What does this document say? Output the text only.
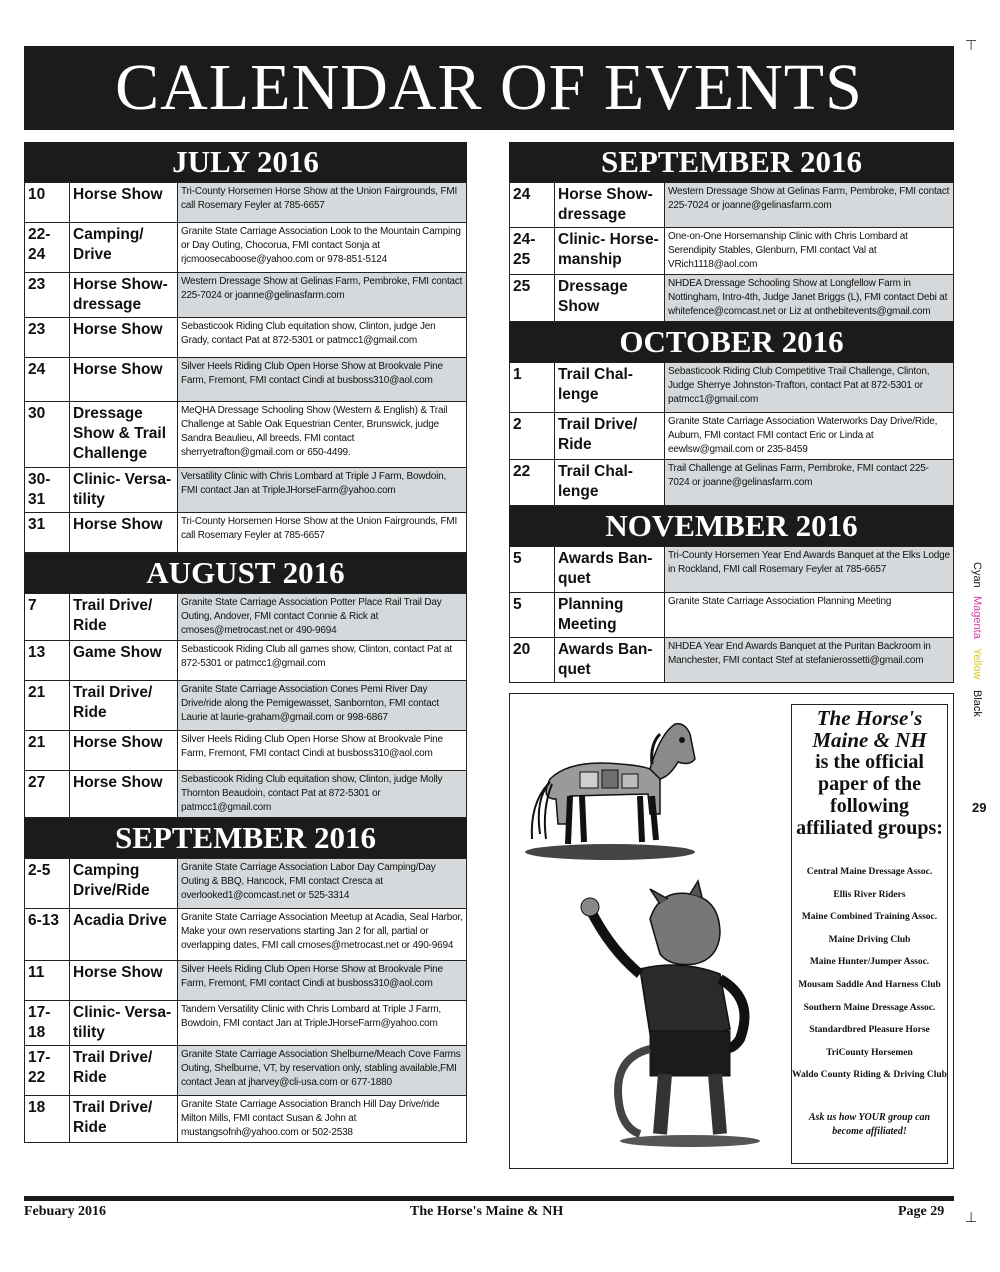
CALENDAR OF EVENTS
JULY 2016
10	Horse Show	Tri-County Horsemen Horse Show at the Union Fairgrounds, FMI call Rosemary Feyler at 785-6657
22-24	Camping/ Drive	Granite State Carriage Association Look to the Mountain Camping or Day Outing, Chocorua, FMI contact Sonja at rjcmoosecaboose@yahoo.com or 978-851-5124
23	Horse Show-dressage	Western Dressage Show at Gelinas Farm, Pembroke, FMI contact 225-7024 or joanne@gelinasfarm.com
23	Horse Show	Sebasticook Riding Club equitation show, Clinton, judge Jen Grady, contact Pat at 872-5301 or patmcc1@gmail.com
24	Horse Show	Silver Heels Riding Club Open Horse Show at Brookvale Pine Farm, Fremont, FMI contact Cindi at busboss310@aol.com
30	Dressage Show & Trail Challenge	MeQHA Dressage Schooling Show (Western & English) & Trail Challenge at Sable Oak Equestrian Center, Brunswick, judge Sandra Beaulieu, All breeds. FMI contact sherryetrafton@gmail.com or 650-4499.
30-31	Clinic- Versa-tility	Versatility Clinic with Chris Lombard at Triple J Farm, Bowdoin, FMI contact Jan at TripleJHorseFarm@yahoo.com
31	Horse Show	Tri-County Horsemen Horse Show at the Union Fairgrounds, FMI call Rosemary Feyler at 785-6657
AUGUST 2016
7	Trail Drive/ Ride	Granite State Carriage Association Potter Place Rail Trail Day Outing, Andover, FMI contact Connie & Rick at cmoses@metrocast.net or 490-9694
13	Game Show	Sebasticook Riding Club all games show, Clinton, contact Pat at 872-5301 or patmcc1@gmail.com
21	Trail Drive/ Ride	Granite State Carriage Association Cones Pemi River Day Drive/ride along the Pemigewasset, Sanbornton, FMI contact Laurie at laurie-graham@gmail.com or 998-6867
21	Horse Show	Silver Heels Riding Club Open Horse Show at Brookvale Pine Farm, Fremont, FMI contact Cindi at busboss310@aol.com
27	Horse Show	Sebasticook Riding Club equitation show, Clinton, judge Molly Thornton Beaudoin, contact Pat at 872-5301 or patmcc1@gmail.com
SEPTEMBER 2016
2-5	Camping Drive/Ride	Granite State Carriage Association Labor Day Camping/Day Outing & BBQ, Hancock, FMI contact Cresca at overlooked1@comcast.net or 525-3314
6-13	Acadia Drive	Granite State Carriage Association Meetup at Acadia, Seal Harbor, Make your own reservations starting Jan 2 for all, partial or overlapping dates, FMI call cmoses@metrocast.net or 490-9694
11	Horse Show	Silver Heels Riding Club Open Horse Show at Brookvale Pine Farm, Fremont, FMI contact Cindi at busboss310@aol.com
17-18	Clinic- Versa-tility	Tandem Versatility Clinic with Chris Lombard at Triple J Farm, Bowdoin, FMI contact Jan at TripleJHorseFarm@yahoo.com
17-22	Trail Drive/ Ride	Granite State Carriage Association Shelburne/Meach Cove Farms Outing, Shelburne, VT, by reservation only, stabling available,FMI contact Jean at jharvey@cli-usa.com or 677-1880
18	Trail Drive/ Ride	Granite State Carriage Association Branch Hill Day Drive/ride Milton Mills, FMI contact Susan & John at mustangsofnh@yahoo.com or 502-2538
SEPTEMBER 2016
24	Horse Show-dressage	Western Dressage Show at Gelinas Farm, Pembroke, FMI contact 225-7024 or joanne@gelinasfarm.com
24-25	Clinic- Horse-manship	One-on-One Horsemanship Clinic with Chris Lombard at Serendipity Stables, Glenburn, FMI contact Val at VRich1118@aol.com
25	Dressage Show	NHDEA Dressage Schooling Show at Longfellow Farm in Nottingham, Intro-4th, Judge Janet Briggs (L), FMI contact Debi at whitefence@comcast.net or Liz at onthebitevents@gmail.com
OCTOBER 2016
1	Trail Chal-lenge	Sebasticook Riding Club Competitive Trail Challenge, Clinton, Judge Sherrye Johnston-Trafton, contact Pat at 872-5301 or patmcc1@gmail.com
2	Trail Drive/ Ride	Granite State Carriage Association Waterworks Day Drive/Ride, Auburn, FMI contact FMI contact Eric or Linda at eewlsw@gmail.com or 235-8459
22	Trail Chal-lenge	Trail Challenge at Gelinas Farm, Pembroke, FMI contact 225-7024 or joanne@gelinasfarm.com
NOVEMBER 2016
5	Awards Ban-quet	Tri-County Horsemen Year End Awards Banquet at the Elks Lodge in Rockland, FMI call Rosemary Feyler at 785-6657
5	Planning Meeting	Granite State Carriage Association Planning Meeting
20	Awards Ban-quet	NHDEA Year End Awards Banquet at the Puritan Backroom in Manchester, FMI contact Stef at stefanierossetti@gmail.com
The Horse's Maine & NH
is the official paper of the following affiliated groups:
Central Maine Dressage Assoc.
Ellis River Riders
Maine Combined Training Assoc.
Maine Driving Club
Maine Hunter/Jumper Assoc.
Mousam Saddle And Harness Club
Southern Maine Dressage Assoc.
Standardbred Pleasure Horse
TriCounty Horsemen
Waldo County Riding & Driving Club
Ask us how YOUR group can become affiliated!
Cyan
Magenta
Yellow
Black
29
⊤
⊥
Febuary 2016	The Horse's Maine & NH	Page 29
